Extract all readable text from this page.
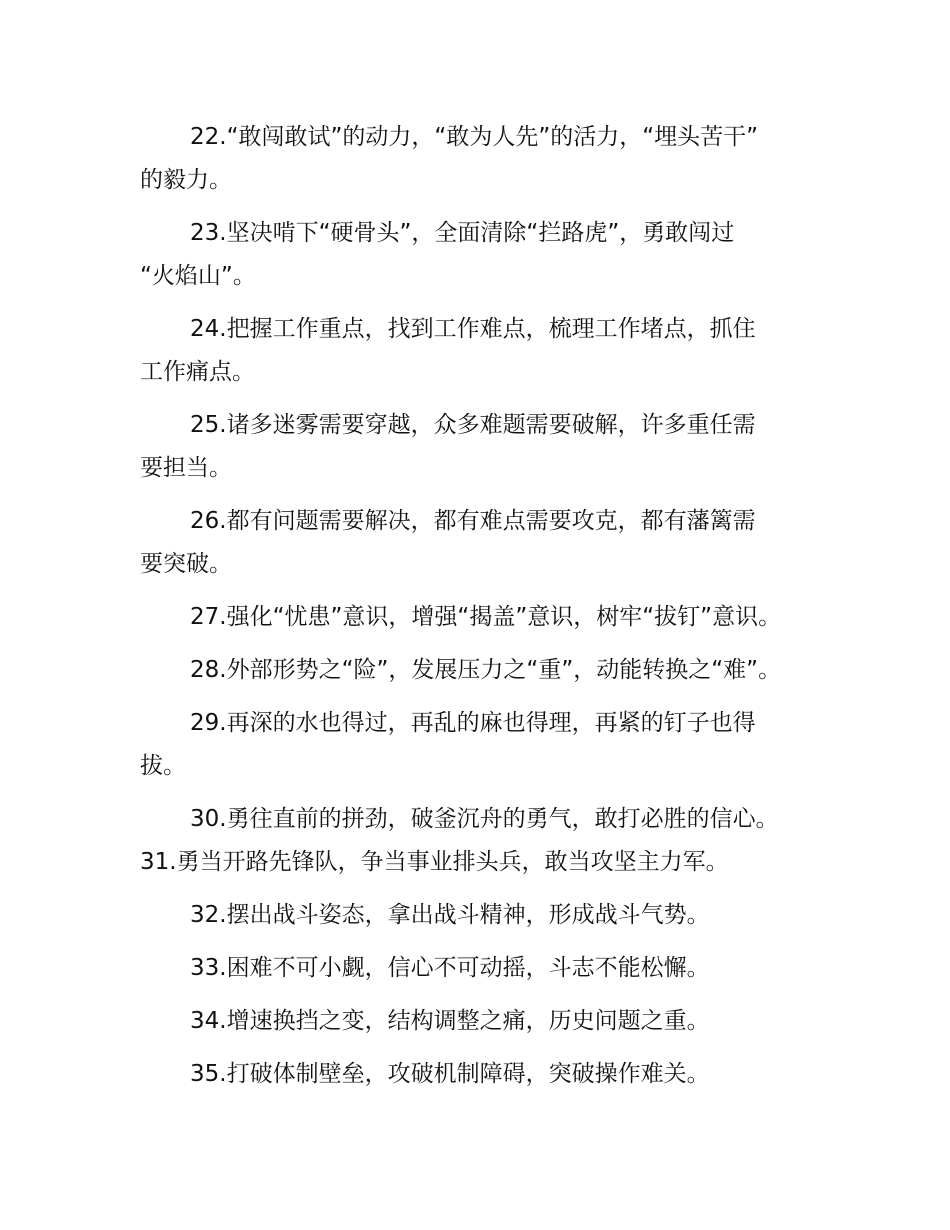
22.“敢闯敢试”的动力，“敢为人先”的活力，“埋头苦干”
的毅力。

23.坚决啃下“硬骨头”，全面清除“拦路虎”，勇敢闯过
“火焰山”。

24.把握工作重点，找到工作难点，梳理工作堵点，抓住
工作痛点。

25.诸多迷雾需要穿越，众多难题需要破解，许多重任需
要担当。

26.都有问题需要解决，都有难点需要攻克，都有藩篱需
要突破。

27.强化“忧患”意识，增强“揭盖”意识，树牢“拔钉”意识。

28.外部形势之“险”，发展压力之“重”，动能转换之“难”。

29.再深的水也得过，再乱的麻也得理，再紧的钉子也得
拔。

30.勇往直前的拼劲，破釜沉舟的勇气，敢打必胜的信心。

31.勇当开路先锋队，争当事业排头兵，敢当攻坚主力军。

32.摆出战斗姿态，拿出战斗精神，形成战斗气势。

33.困难不可小觑，信心不可动摇，斗志不能松懈。

34.增速换挡之变，结构调整之痛，历史问题之重。

35.打破体制壁垒，攻破机制障碍，突破操作难关。
